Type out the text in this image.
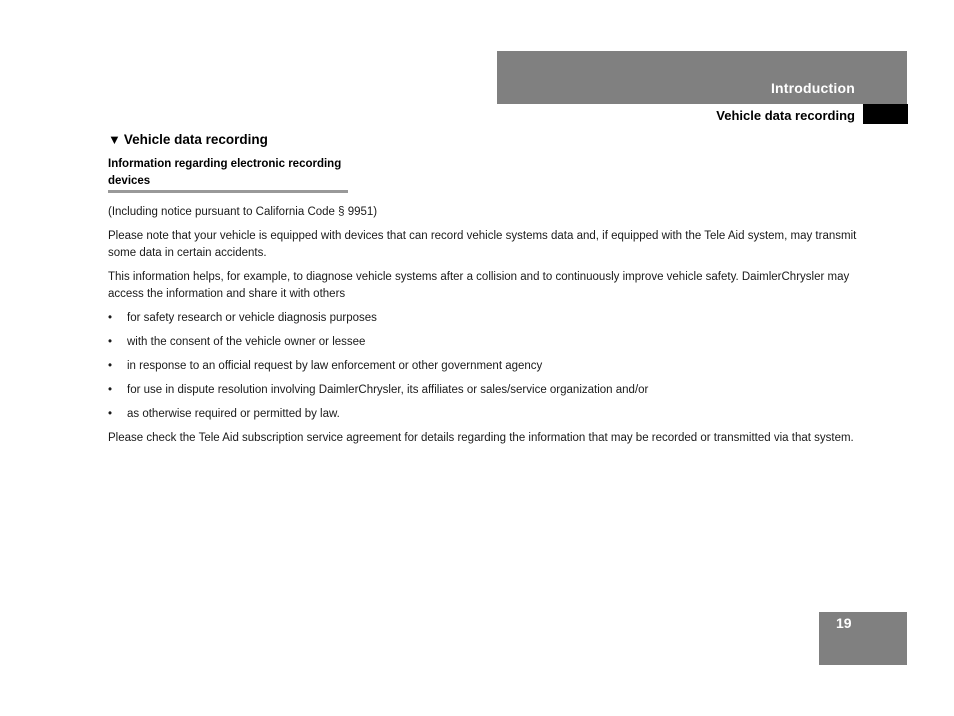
Introduction
Vehicle data recording
▼ Vehicle data recording
Information regarding electronic recording devices

(Including notice pursuant to California Code § 9951)

Please note that your vehicle is equipped with devices that can record vehicle systems data and, if equipped with the Tele Aid system, may transmit some data in certain accidents.

This information helps, for example, to diagnose vehicle systems after a collision and to continuously improve vehicle safety. DaimlerChrysler may access the information and share it with others

• for safety research or vehicle diagnosis purposes
• with the consent of the vehicle owner or lessee
• in response to an official request by law enforcement or other government agency
• for use in dispute resolution involving DaimlerChrysler, its affiliates or sales/service organization and/or
• as otherwise required or permitted by law.

Please check the Tele Aid subscription service agreement for details regarding the information that may be recorded or transmitted via that system.

19
